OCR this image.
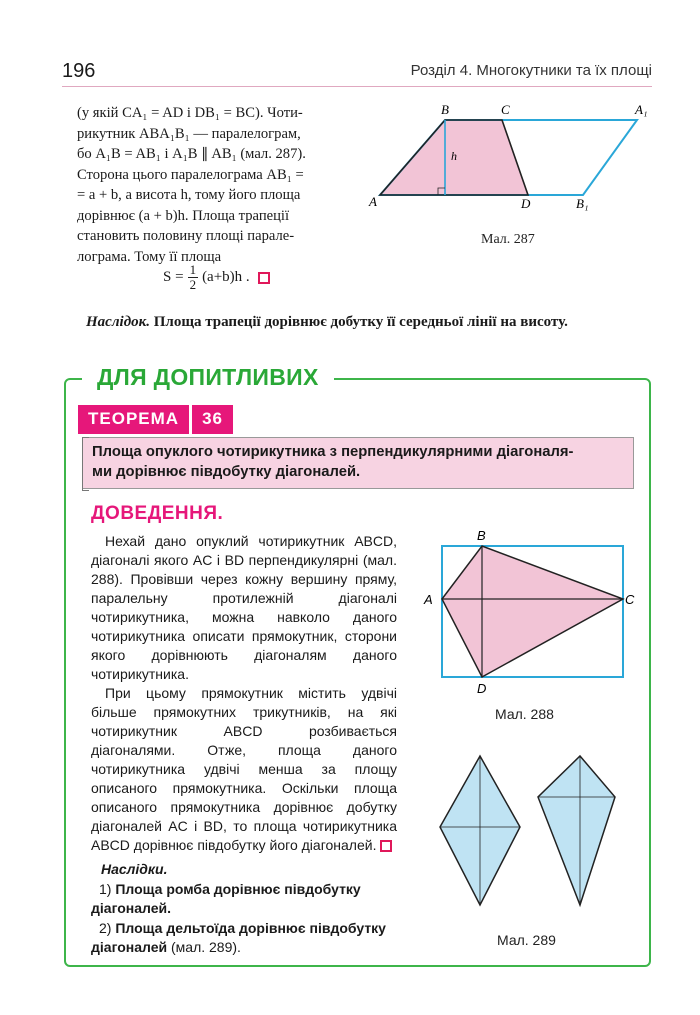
196	Розділ 4. Многокутники та їх площі
(у якій CA₁ = AD і DB₁ = BC). Чоти-
рикутник ABA₁B₁ — паралелограм,
бо A₁B = AB₁ і A₁B ∥ AB₁ (мал. 287).
Сторона цього паралелограма AB₁ =
= a + b, а висота h, тому його площа
дорівнює (a + b)h. Площа трапеції
становить половину площі парале-
лограма. Тому її площа
$S = \frac{1}{2} (a+b)h$ .
B	C	A₁
h
A	D	B₁
Мал. 287
Наслідок. Площа трапеції дорівнює добутку її середньої лінії на висоту.
ДЛЯ ДОПИТЛИВИХ
ТЕОРЕМА	36
Площа опуклого чотирикутника з перпендикулярними діагоналя-
ми дорівнює півдобутку діагоналей.
ДОВЕДЕННЯ.

Нехай дано опуклий чотирикутник ABCD, діагоналі якого AC і BD перпендикулярні (мал. 288). Провівши через кожну вершину пряму, паралельну протилежній діагоналі чотирикутника, можна навколо даного чотирикутника описати прямокутник, сторони якого дорівнюють діагоналям даного чотирикутника.

При цьому прямокутник містить удвічі більше прямокутних трикутників, на які чотирикутник ABCD розбивається діагоналями. Отже, площа даного чотирикутника удвічі менша за площу описаного прямокутника. Оскільки площа описаного прямокутника дорівнює добутку діагоналей AC і BD, то площа чотирикутника ABCD дорівнює півдобутку його діагоналей.

Наслідки.

1) Площа ромба дорівнює півдобутку діагоналей.

2) Площа дельтоїда дорівнює півдобутку діагоналей (мал. 289).

B
A	C
D
Мал. 288
Мал. 289
